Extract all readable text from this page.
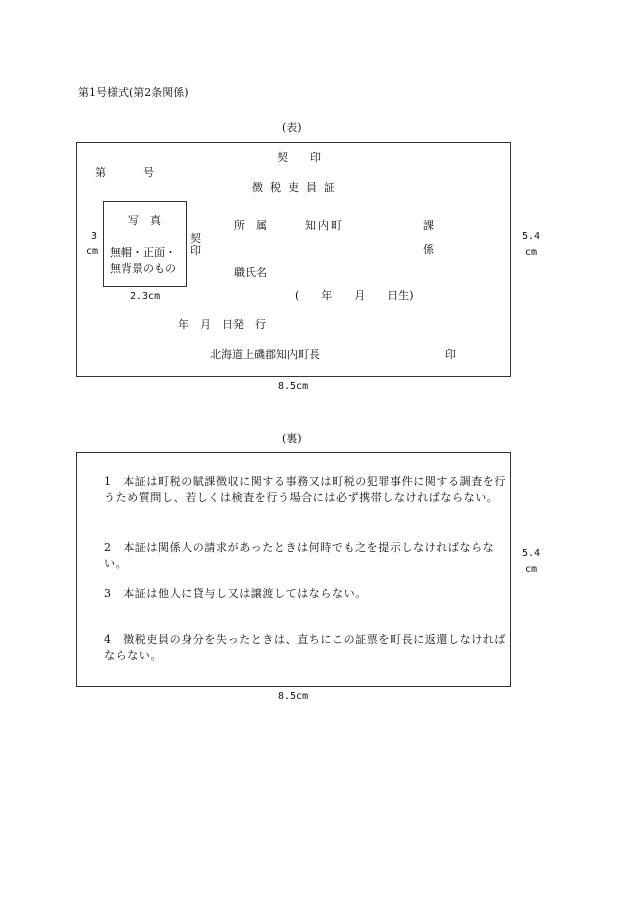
第1号様式(第2条関係)
(表)
契　　印
第	号
徴税吏員証
写　真
無帽・正面・
無背景のもの
3
cm
2.3cm
契
印
所　属	知内町	課
係
職氏名
(　　年　　月　　日生)
年　月　日発　行
北海道上磯郡知内町長	印
5.4
cm
8.5cm
(裏)
1　本証は町税の賦課徴収に関する事務又は町税の犯罪事件に関する調査を行うため質問し、若しくは検査を行う場合には必ず携帯しなければならない。
2　本証は関係人の請求があったときは何時でも之を提示しなければならない。
3　本証は他人に貸与し又は譲渡してはならない。
4　徴税吏員の身分を失ったときは、直ちにこの証票を町長に返還しなければならない。
5.4
cm
8.5cm
